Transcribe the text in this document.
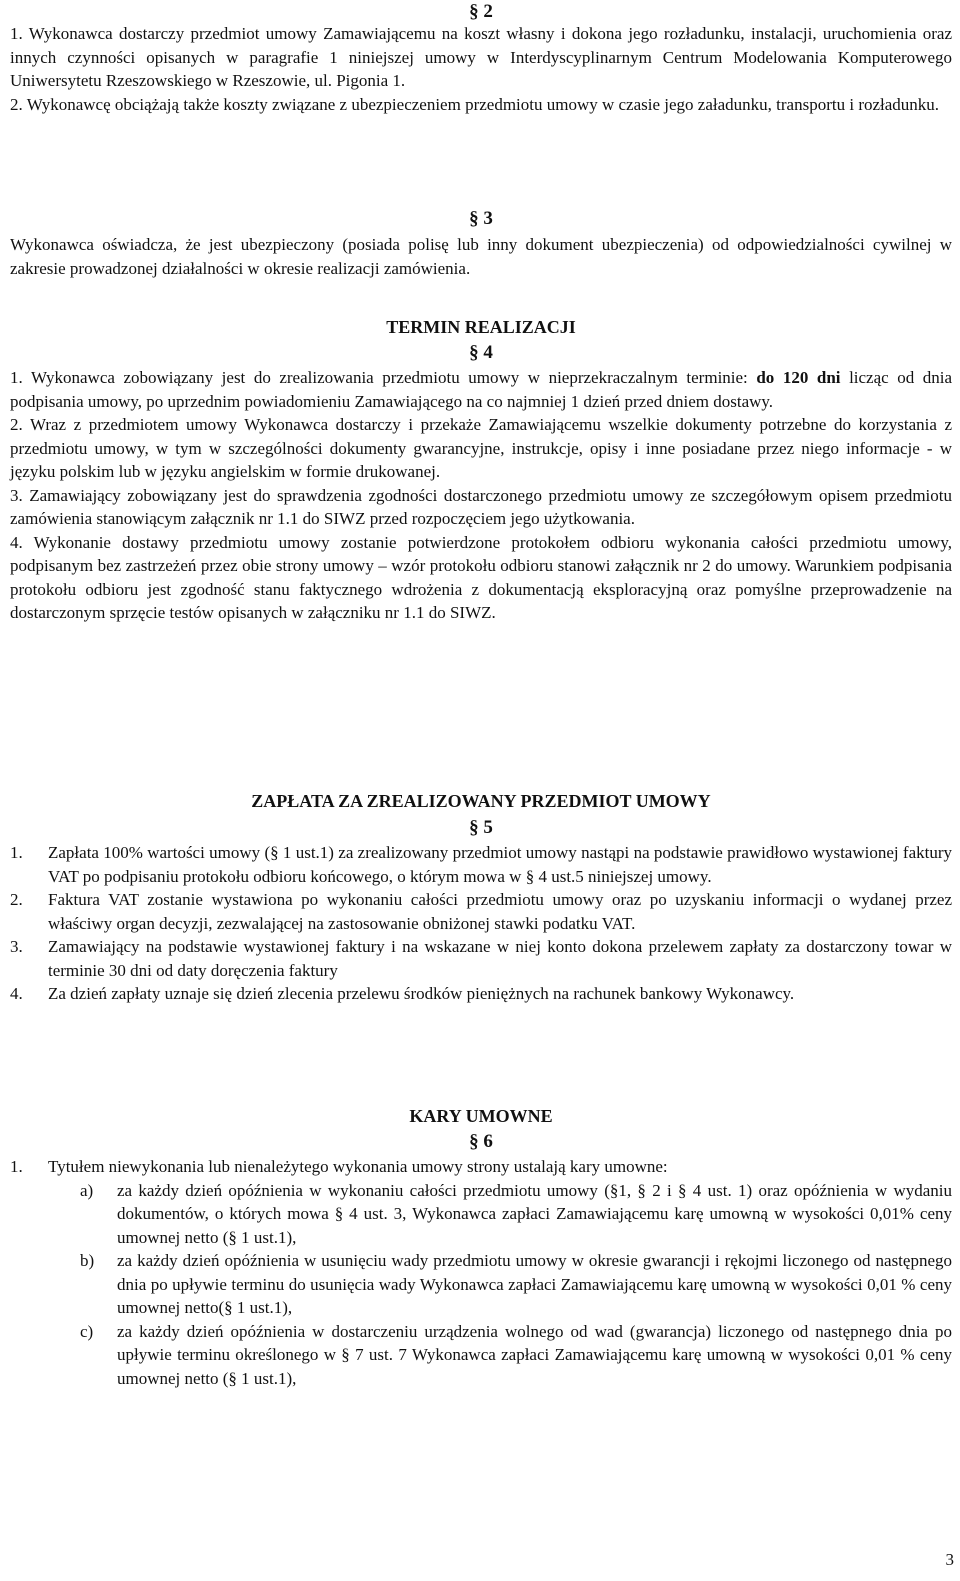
§ 2

1. Wykonawca dostarczy przedmiot umowy Zamawiającemu na koszt własny i dokona jego rozładunku, instalacji, uruchomienia oraz innych czynności opisanych w paragrafie 1 niniejszej umowy w Interdyscyplinarnym Centrum Modelowania Komputerowego Uniwersytetu Rzeszowskiego w Rzeszowie, ul. Pigonia 1.

2. Wykonawcę obciążają także koszty związane z ubezpieczeniem przedmiotu umowy w czasie jego załadunku, transportu i rozładunku.

§ 3

Wykonawca oświadcza, że jest ubezpieczony (posiada polisę lub inny dokument ubezpieczenia) od odpowiedzialności cywilnej w zakresie prowadzonej działalności w okresie realizacji zamówienia.

TERMIN REALIZACJI
§ 4

1. Wykonawca zobowiązany jest do zrealizowania przedmiotu umowy w nieprzekraczalnym terminie: do 120 dni licząc od dnia podpisania umowy, po uprzednim powiadomieniu Zamawiającego na co najmniej 1 dzień przed dniem dostawy.

2. Wraz z przedmiotem umowy Wykonawca dostarczy i przekaże Zamawiającemu wszelkie dokumenty potrzebne do korzystania z przedmiotu umowy, w tym w szczególności dokumenty gwarancyjne, instrukcje, opisy i inne posiadane przez niego informacje - w języku polskim lub w języku angielskim w formie drukowanej.

3. Zamawiający zobowiązany jest do sprawdzenia zgodności dostarczonego przedmiotu umowy ze szczegółowym opisem przedmiotu zamówienia stanowiącym załącznik nr 1.1 do SIWZ przed rozpoczęciem jego użytkowania.

4. Wykonanie dostawy przedmiotu umowy zostanie potwierdzone protokołem odbioru wykonania całości przedmiotu umowy, podpisanym bez zastrzeżeń przez obie strony umowy – wzór protokołu odbioru stanowi załącznik nr 2 do umowy. Warunkiem podpisania protokołu odbioru jest zgodność stanu faktycznego wdrożenia z dokumentacją eksploracyjną oraz pomyślne przeprowadzenie na dostarczonym sprzęcie testów opisanych w załączniku nr 1.1 do SIWZ.

ZAPŁATA ZA ZREALIZOWANY PRZEDMIOT UMOWY
§ 5

1. Zapłata 100% wartości umowy (§ 1 ust.1) za zrealizowany przedmiot umowy nastąpi na podstawie prawidłowo wystawionej faktury VAT po podpisaniu protokołu odbioru końcowego, o którym mowa w § 4 ust.5 niniejszej umowy.

2. Faktura VAT zostanie wystawiona po wykonaniu całości przedmiotu umowy oraz po uzyskaniu informacji o wydanej przez właściwy organ decyzji, zezwalającej na zastosowanie obniżonej stawki podatku VAT.

3. Zamawiający na podstawie wystawionej faktury i na wskazane w niej konto dokona przelewem zapłaty za dostarczony towar w terminie 30 dni od daty doręczenia faktury

4. Za dzień zapłaty uznaje się dzień zlecenia przelewu środków pieniężnych na rachunek bankowy Wykonawcy.

KARY UMOWNE
§ 6

1. Tytułem niewykonania lub nienależytego wykonania umowy strony ustalają kary umowne:

a) za każdy dzień opóźnienia w wykonaniu całości przedmiotu umowy (§1, § 2 i § 4 ust. 1) oraz opóźnienia w wydaniu dokumentów, o których mowa § 4 ust. 3, Wykonawca zapłaci Zamawiającemu karę umowną w wysokości 0,01% ceny umownej netto (§ 1 ust.1),

b) za każdy dzień opóźnienia w usunięciu wady przedmiotu umowy w okresie gwarancji i rękojmi liczonego od następnego dnia po upływie terminu do usunięcia wady Wykonawca zapłaci Zamawiającemu karę umowną w wysokości 0,01 % ceny umownej netto(§ 1 ust.1),

c) za każdy dzień opóźnienia w dostarczeniu urządzenia wolnego od wad (gwarancja) liczonego od następnego dnia po upływie terminu określonego w § 7 ust. 7 Wykonawca zapłaci Zamawiającemu karę umowną w wysokości 0,01 % ceny umownej netto (§ 1 ust.1),

3
